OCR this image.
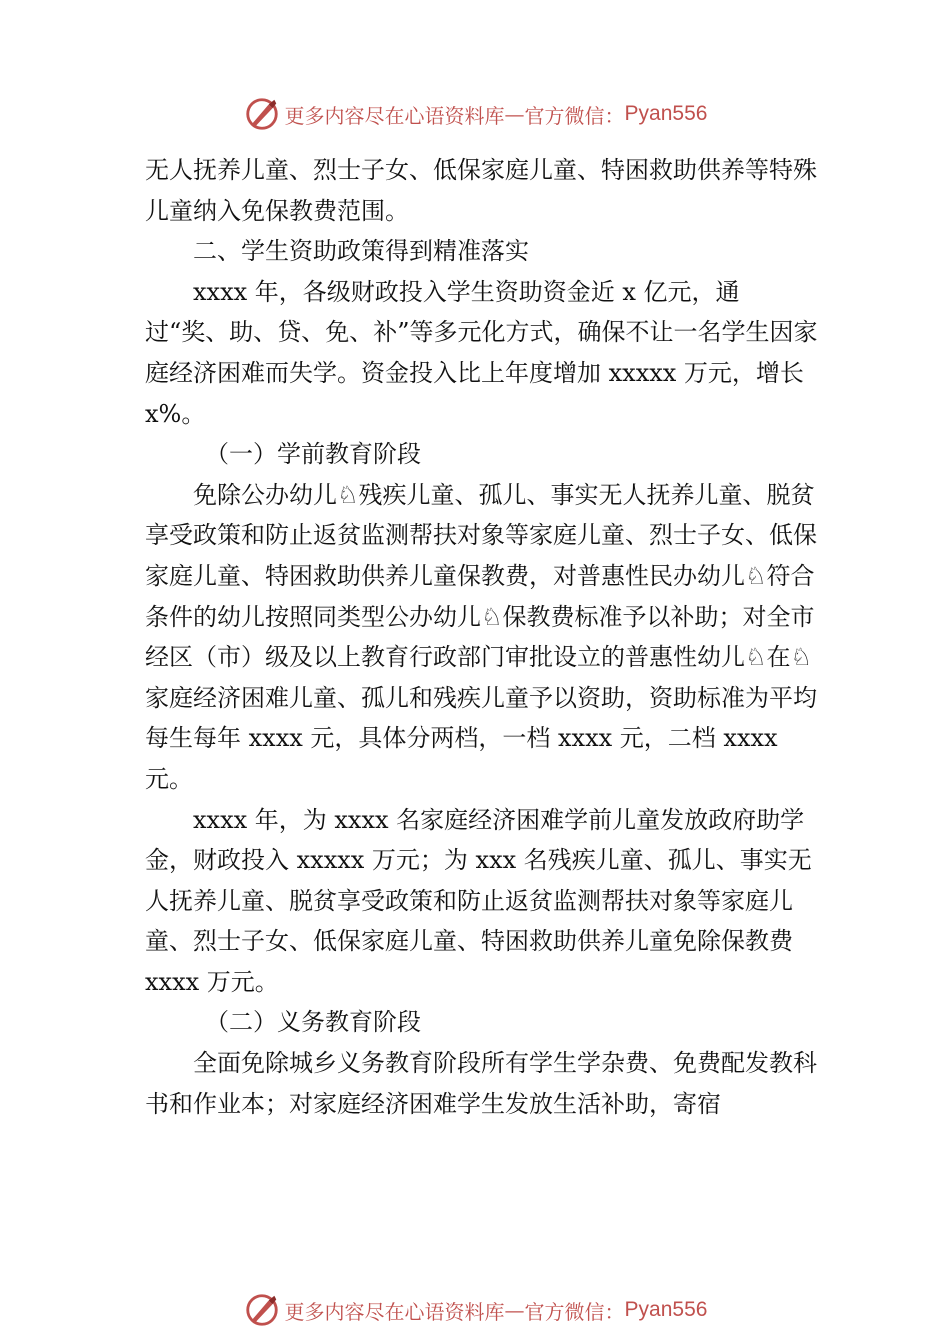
更多内容尽在心语资料库 — 官方微信： Pyan556

无人抚养儿童、烈士子女、低保家庭儿童、特困救助供养等特殊儿童纳入免保教费范围。

二、学生资助政策得到精准落实

xxxx 年，各级财政投入学生资助资金近 x 亿元，通过“奖、助、贷、免、补”等多元化方式，确保不让一名学生因家庭经济困难而失学。资金投入比上年度增加 xxxxx 万元，增长 x%。

（一）学前教育阶段

免除公办幼儿♘残疾儿童、孤儿、事实无人抚养儿童、脱贫享受政策和防止返贫监测帮扶对象等家庭儿童、烈士子女、低保家庭儿童、特困救助供养儿童保教费，对普惠性民办幼儿♘符合条件的幼儿按照同类型公办幼儿♘保教费标准予以补助；对全市经区（市）级及以上教育行政部门审批设立的普惠性幼儿♘在♘家庭经济困难儿童、孤儿和残疾儿童予以资助，资助标准为平均每生每年 xxxx 元，具体分两档，一档 xxxx 元，二档 xxxx 元。

xxxx 年，为 xxxx 名家庭经济困难学前儿童发放政府助学金，财政投入 xxxxx 万元；为 xxx 名残疾儿童、孤儿、事实无人抚养儿童、脱贫享受政策和防止返贫监测帮扶对象等家庭儿童、烈士子女、低保家庭儿童、特困救助供养儿童免除保教费 xxxx 万元。

（二）义务教育阶段

全面免除城乡义务教育阶段所有学生学杂费、免费配发教科书和作业本；对家庭经济困难学生发放生活补助，寄宿

更多内容尽在心语资料库 — 官方微信： Pyan556
